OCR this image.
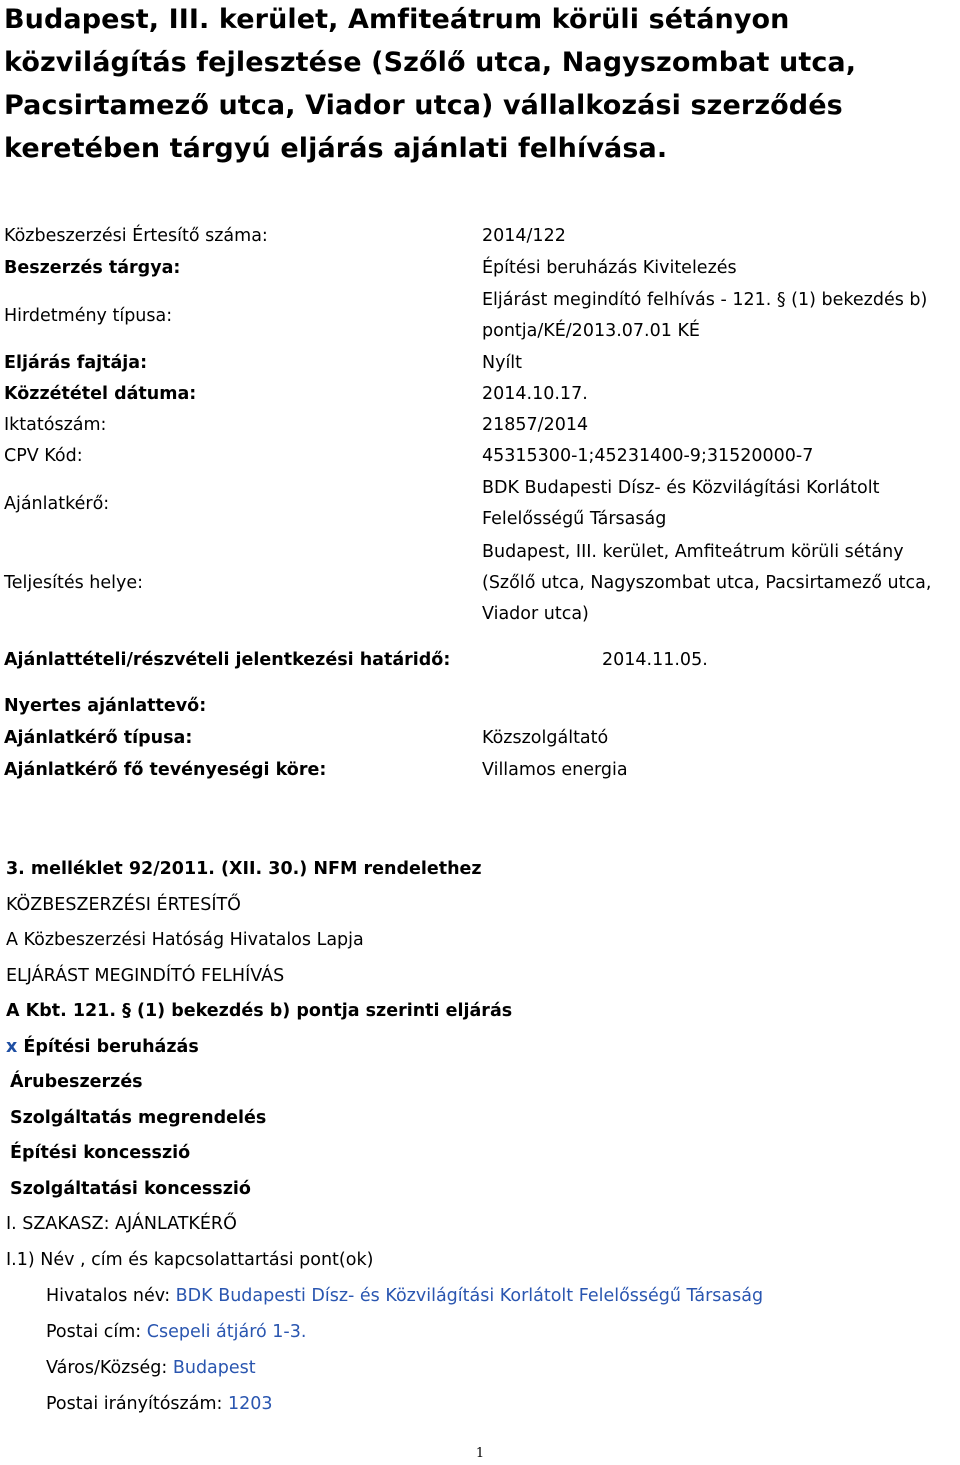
Budapest, III. kerület, Amfiteátrum körüli sétányon közvilágítás fejlesztése (Szőlő utca, Nagyszombat utca, Pacsirtamező utca, Viador utca) vállalkozási szerződés keretében tárgyú eljárás ajánlati felhívása.
Közbeszerzési Értesítő száma:	2014/122
Beszerzés tárgya:	Építési beruházás Kivitelezés
Hirdetmény típusa:
Eljárást megindító felhívás - 121. § (1) bekezdés b) pontja/KÉ/2013.07.01 KÉ
Eljárás fajtája:	Nyílt
Közzététel dátuma:	2014.10.17.
Iktatószám:	21857/2014
CPV Kód:	45315300-1;45231400-9;31520000-7
Ajánlatkérő:
BDK Budapesti Dísz- és Közvilágítási Korlátolt Felelősségű Társaság
Teljesítés helye:
Budapest, III. kerület, Amfiteátrum körüli sétány (Szőlő utca, Nagyszombat utca, Pacsirtamező utca, Viador utca)
Ajánlattételi/részvételi jelentkezési határidő:	2014.11.05.
Nyertes ajánlattevő:
Ajánlatkérő típusa:	Közszolgáltató
Ajánlatkérő fő tevényeségi köre:	Villamos energia
3. melléklet 92/2011. (XII. 30.) NFM rendelethez
KÖZBESZERZÉSI ÉRTESÍTŐ
A Közbeszerzési Hatóság Hivatalos Lapja
ELJÁRÁST MEGINDÍTÓ FELHÍVÁS
A Kbt. 121. § (1) bekezdés b) pontja szerinti eljárás
x Építési beruházás
Árubeszerzés
Szolgáltatás megrendelés
Építési koncesszió
Szolgáltatási koncesszió
I. SZAKASZ: AJÁNLATKÉRŐ
I.1) Név , cím és kapcsolattartási pont(ok)
Hivatalos név: BDK Budapesti Dísz- és Közvilágítási Korlátolt Felelősségű Társaság
Postai cím: Csepeli átjáró 1-3.
Város/Község: Budapest
Postai irányítószám: 1203
1
